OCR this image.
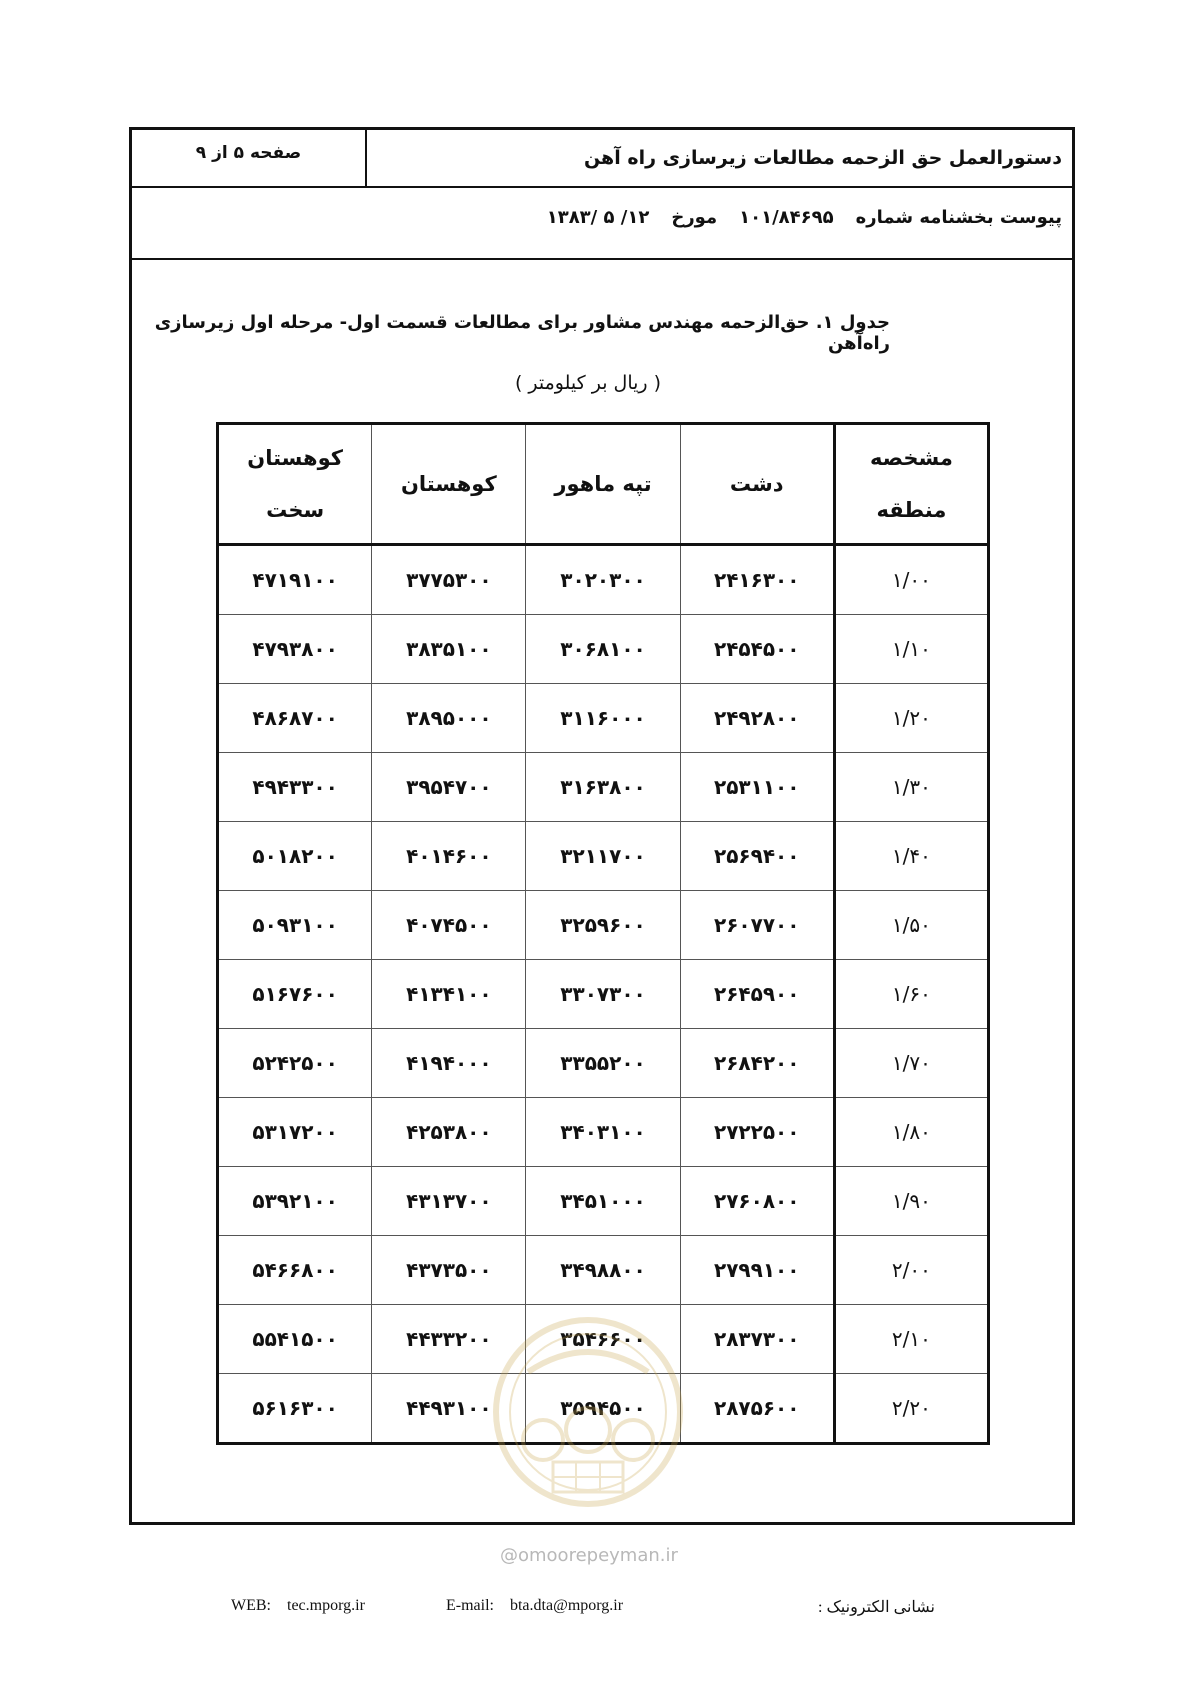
صفحه ۵ از ۹	دستورالعمل حق الزحمه مطالعات زیرسازی راه آهن
پیوست بخشنامه شماره۱۰۱/۸۴۶۹۵مورخ۱۲/ ۵ /۱۳۸۳
جدول ۱. حق‌الزحمه مهندس مشاور برای مطالعات قسمت اول- مرحله اول زیرسازی راه‌آهن
( ریال بر کیلومتر )
مشخصه
منطقه	دشت	تپه ماهور	کوهستان	کوهستان
سخت
۱/۰۰	۲۴۱۶۳۰۰	۳۰۲۰۳۰۰	۳۷۷۵۳۰۰	۴۷۱۹۱۰۰
۱/۱۰	۲۴۵۴۵۰۰	۳۰۶۸۱۰۰	۳۸۳۵۱۰۰	۴۷۹۳۸۰۰
۱/۲۰	۲۴۹۲۸۰۰	۳۱۱۶۰۰۰	۳۸۹۵۰۰۰	۴۸۶۸۷۰۰
۱/۳۰	۲۵۳۱۱۰۰	۳۱۶۳۸۰۰	۳۹۵۴۷۰۰	۴۹۴۳۳۰۰
۱/۴۰	۲۵۶۹۴۰۰	۳۲۱۱۷۰۰	۴۰۱۴۶۰۰	۵۰۱۸۲۰۰
۱/۵۰	۲۶۰۷۷۰۰	۳۲۵۹۶۰۰	۴۰۷۴۵۰۰	۵۰۹۳۱۰۰
۱/۶۰	۲۶۴۵۹۰۰	۳۳۰۷۳۰۰	۴۱۳۴۱۰۰	۵۱۶۷۶۰۰
۱/۷۰	۲۶۸۴۲۰۰	۳۳۵۵۲۰۰	۴۱۹۴۰۰۰	۵۲۴۲۵۰۰
۱/۸۰	۲۷۲۲۵۰۰	۳۴۰۳۱۰۰	۴۲۵۳۸۰۰	۵۳۱۷۲۰۰
۱/۹۰	۲۷۶۰۸۰۰	۳۴۵۱۰۰۰	۴۳۱۳۷۰۰	۵۳۹۲۱۰۰
۲/۰۰	۲۷۹۹۱۰۰	۳۴۹۸۸۰۰	۴۳۷۳۵۰۰	۵۴۶۶۸۰۰
۲/۱۰	۲۸۳۷۳۰۰	۳۵۴۶۶۰۰	۴۴۳۳۲۰۰	۵۵۴۱۵۰۰
۲/۲۰	۲۸۷۵۶۰۰	۳۵۹۴۵۰۰	۴۴۹۳۱۰۰	۵۶۱۶۳۰۰
@omoorepeyman.ir
WEB: tec.mporg.ir	E-mail: bta.dta@mporg.ir	نشانی الکترونیک :
